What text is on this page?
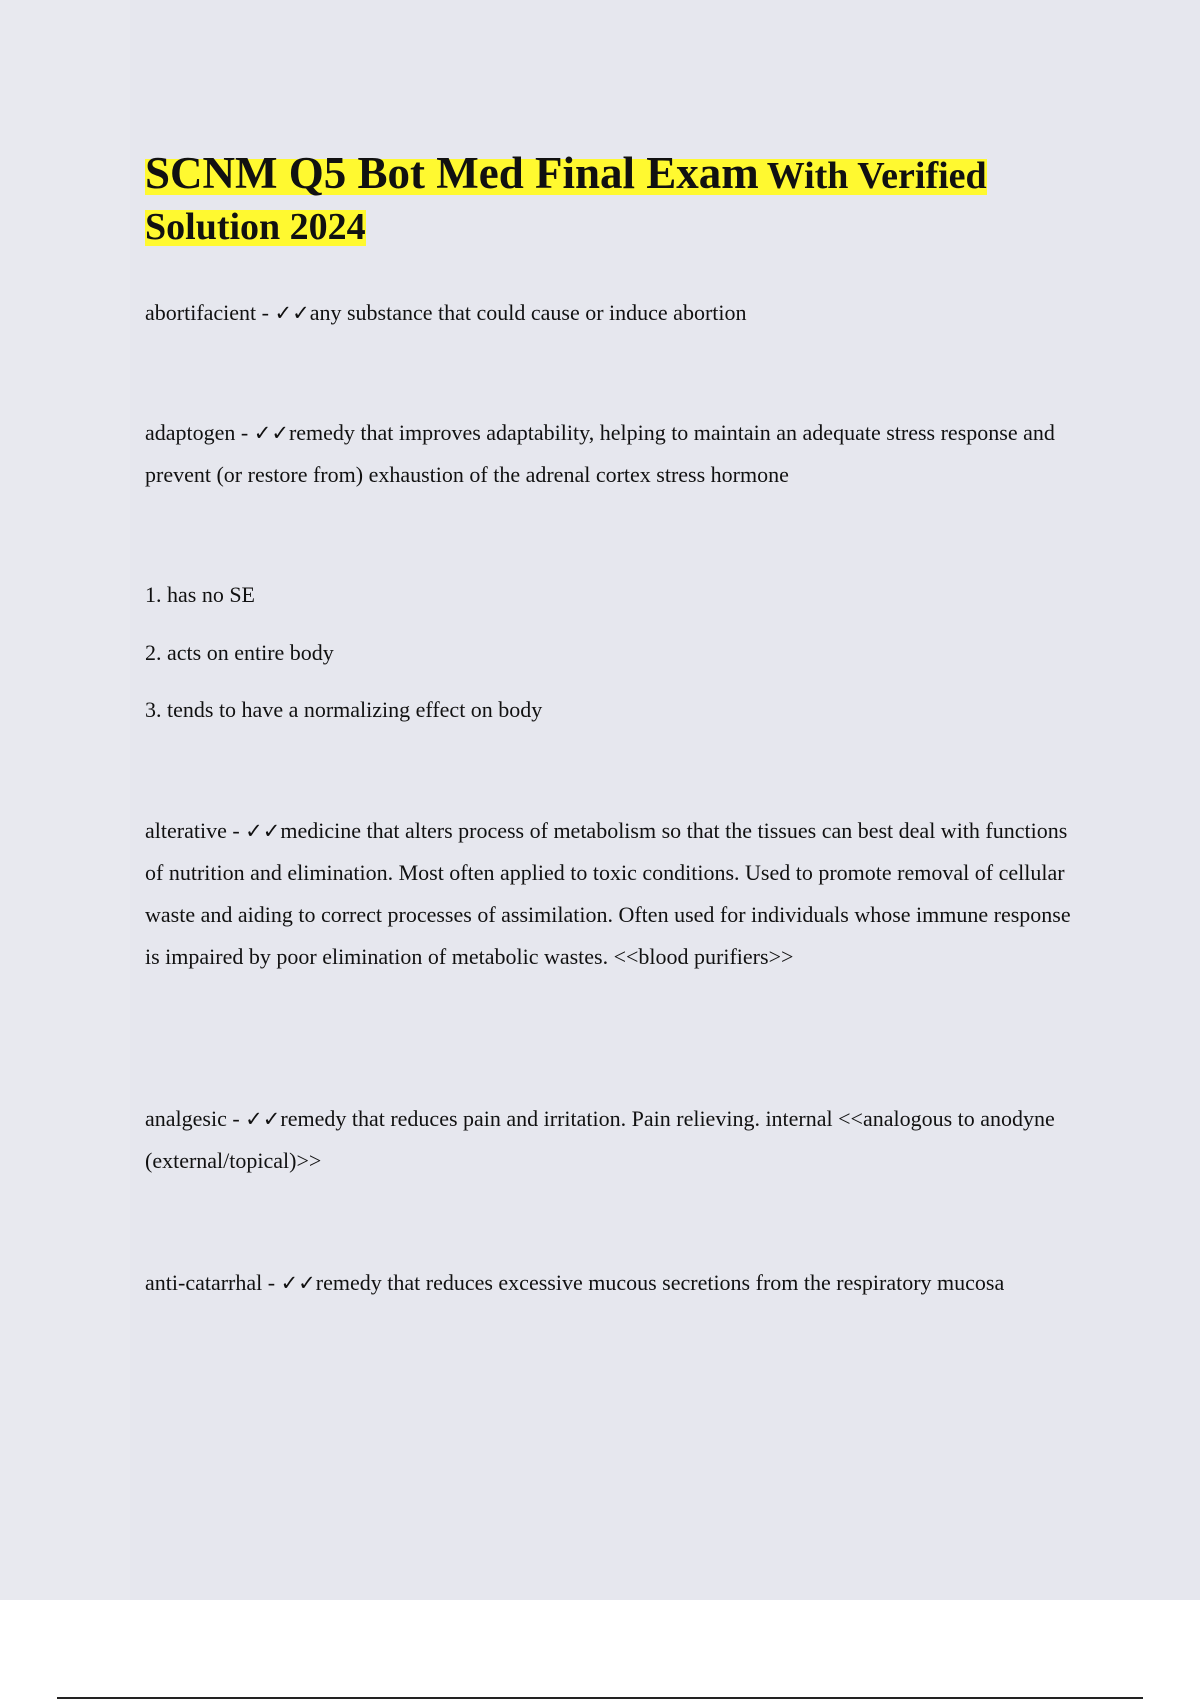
SCNM Q5 Bot Med Final Exam With Verified
Solution 2024

abortifacient - ✓✓any substance that could cause or induce abortion

adaptogen - ✓✓remedy that improves adaptability, helping to maintain an adequate stress response and prevent (or restore from) exhaustion of the adrenal cortex stress hormone

1. has no SE

2. acts on entire body

3. tends to have a normalizing effect on body

alterative - ✓✓medicine that alters process of metabolism so that the tissues can best deal with functions of nutrition and elimination. Most often applied to toxic conditions. Used to promote removal of cellular waste and aiding to correct processes of assimilation. Often used for individuals whose immune response is impaired by poor elimination of metabolic wastes. <<blood purifiers>>

analgesic - ✓✓remedy that reduces pain and irritation. Pain relieving. internal <<analogous to anodyne (external/topical)>>

anti-catarrhal - ✓✓remedy that reduces excessive mucous secretions from the respiratory mucosa
